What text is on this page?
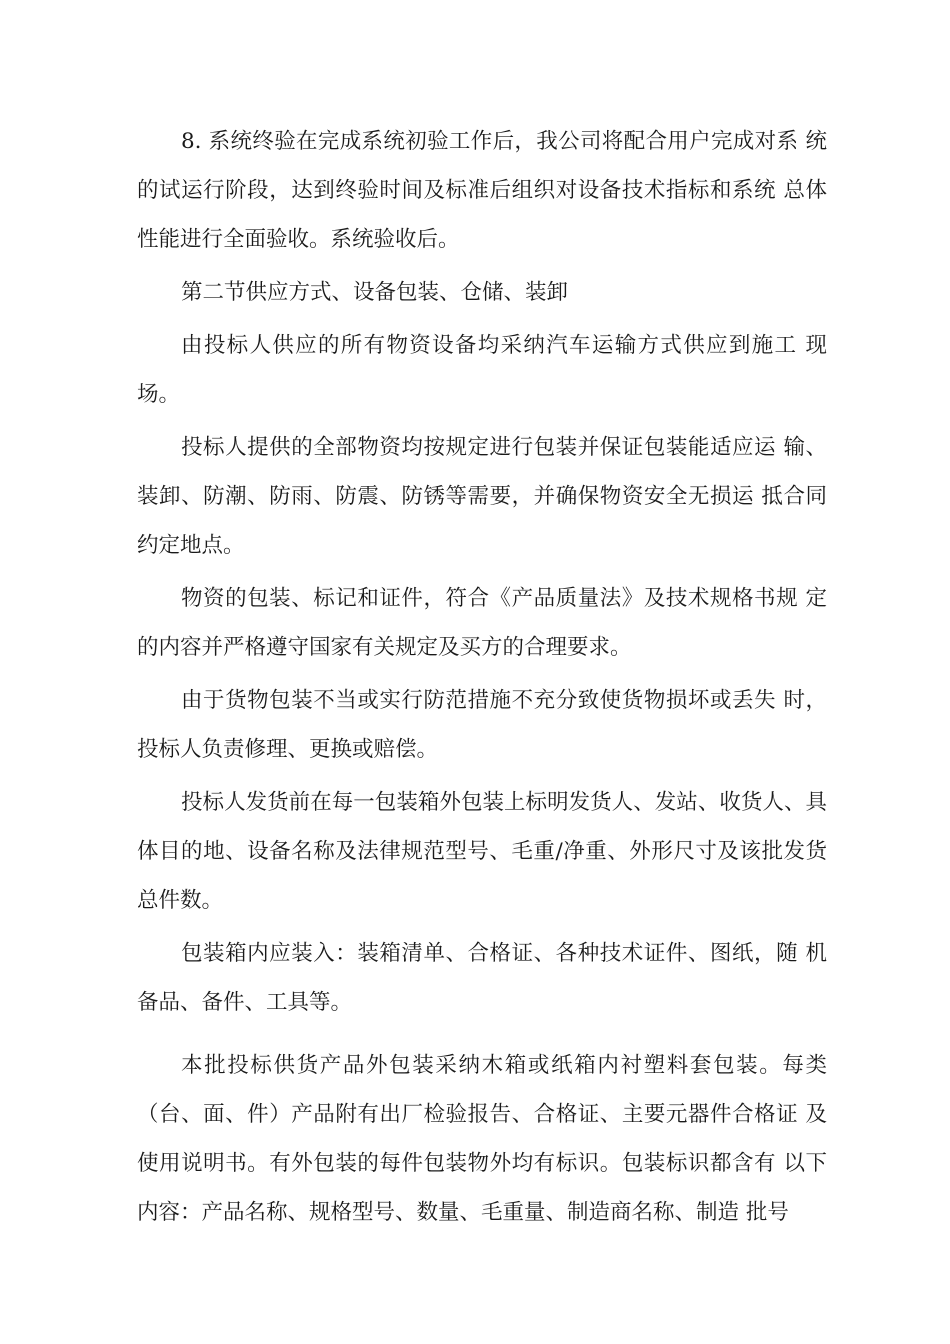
8. 系统终验在完成系统初验工作后，我公司将配合用户完成对系 统的试运行阶段，达到终验时间及标准后组织对设备技术指标和系统 总体性能进行全面验收。系统验收后。

第二节供应方式、设备包装、仓储、装卸

由投标人供应的所有物资设备均采纳汽车运输方式供应到施工 现场。

投标人提供的全部物资均按规定进行包装并保证包装能适应运 输、装卸、防潮、防雨、防震、防锈等需要，并确保物资安全无损运 抵合同约定地点。

物资的包装、标记和证件，符合《产品质量法》及技术规格书规 定的内容并严格遵守国家有关规定及买方的合理要求。

由于货物包装不当或实行防范措施不充分致使货物损坏或丢失 时，投标人负责修理、更换或赔偿。

投标人发货前在每一包装箱外包装上标明发货人、发站、收货人、具体目的地、设备名称及法律规范型号、毛重/净重、外形尺寸及该批发货总件数。

包装箱内应装入：装箱清单、合格证、各种技术证件、图纸，随 机备品、备件、工具等。

本批投标供货产品外包装采纳木箱或纸箱内衬塑料套包装。每类（台、面、件）产品附有出厂检验报告、合格证、主要元器件合格证 及使用说明书。有外包装的每件包装物外均有标识。包装标识都含有 以下内容：产品名称、规格型号、数量、毛重量、制造商名称、制造 批号
